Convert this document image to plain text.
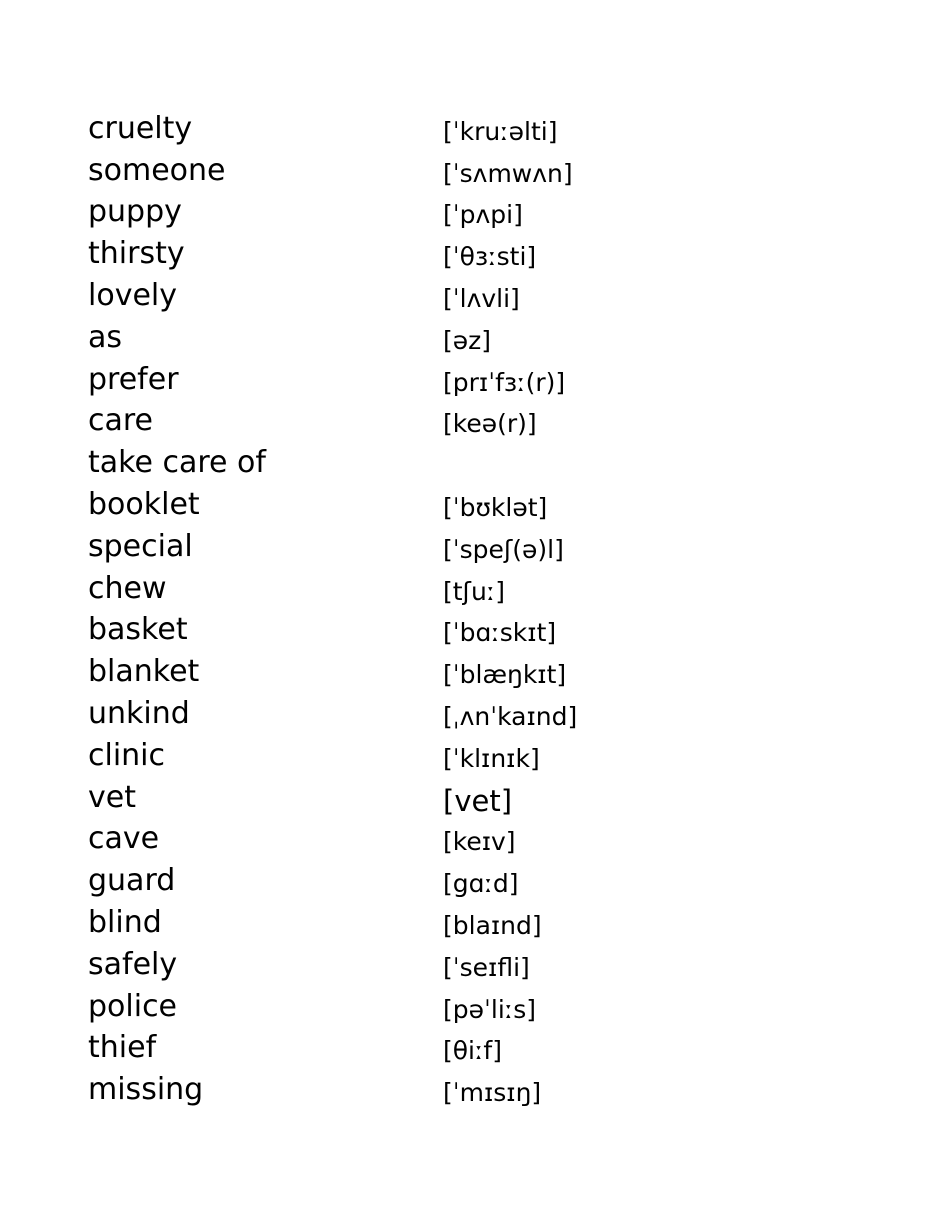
cruelty	[ˈkruːəlti]
someone	[ˈsʌmwʌn]
puppy	[ˈpʌpi]
thirsty	[ˈθɜːsti]
lovely	[ˈlʌvli]
as	[əz]
prefer	[prɪˈfɜː(r)]
care	[keə(r)]
take care of
booklet	[ˈbʊklət]
special	[ˈspeʃ(ə)l]
chew	[tʃuː]
basket	[ˈbɑːskɪt]
blanket	[ˈblæŋkɪt]
unkind	[ˌʌnˈkaɪnd]
clinic	[ˈklɪnɪk]
vet	[vet]
cave	[keɪv]
guard	[gɑːd]
blind	[blaɪnd]
safely	[ˈseɪfli]
police	[pəˈliːs]
thief	[θiːf]
missing	[ˈmɪsɪŋ]
